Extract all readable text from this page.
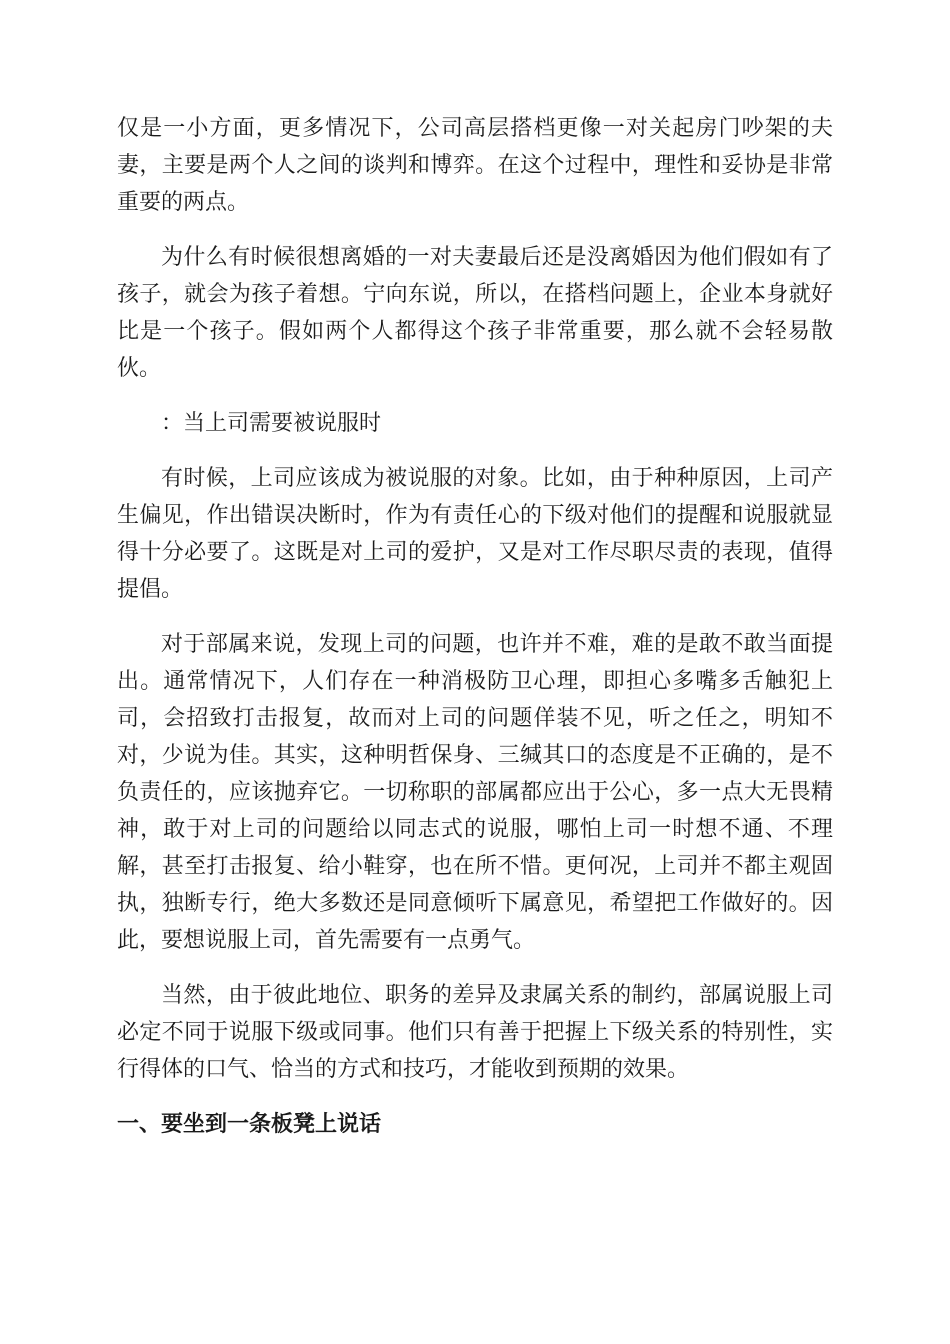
仅是一小方面，更多情况下，公司高层搭档更像一对关起房门吵架的夫妻，主要是两个人之间的谈判和博弈。在这个过程中，理性和妥协是非常重要的两点。

为什么有时候很想离婚的一对夫妻最后还是没离婚因为他们假如有了孩子，就会为孩子着想。宁向东说，所以，在搭档问题上，企业本身就好比是一个孩子。假如两个人都得这个孩子非常重要，那么就不会轻易散伙。

：当上司需要被说服时

有时候，上司应该成为被说服的对象。比如，由于种种原因，上司产生偏见，作出错误决断时，作为有责任心的下级对他们的提醒和说服就显得十分必要了。这既是对上司的爱护，又是对工作尽职尽责的表现，值得提倡。

对于部属来说，发现上司的问题，也许并不难，难的是敢不敢当面提出。通常情况下，人们存在一种消极防卫心理，即担心多嘴多舌触犯上司，会招致打击报复，故而对上司的问题佯装不见，听之任之，明知不对，少说为佳。其实，这种明哲保身、三缄其口的态度是不正确的，是不负责任的，应该抛弃它。一切称职的部属都应出于公心，多一点大无畏精神，敢于对上司的问题给以同志式的说服，哪怕上司一时想不通、不理解，甚至打击报复、给小鞋穿，也在所不惜。更何况，上司并不都主观固执，独断专行，绝大多数还是同意倾听下属意见，希望把工作做好的。因此，要想说服上司，首先需要有一点勇气。

当然，由于彼此地位、职务的差异及隶属关系的制约，部属说服上司必定不同于说服下级或同事。他们只有善于把握上下级关系的特别性，实行得体的口气、恰当的方式和技巧，才能收到预期的效果。

一、要坐到一条板凳上说话
